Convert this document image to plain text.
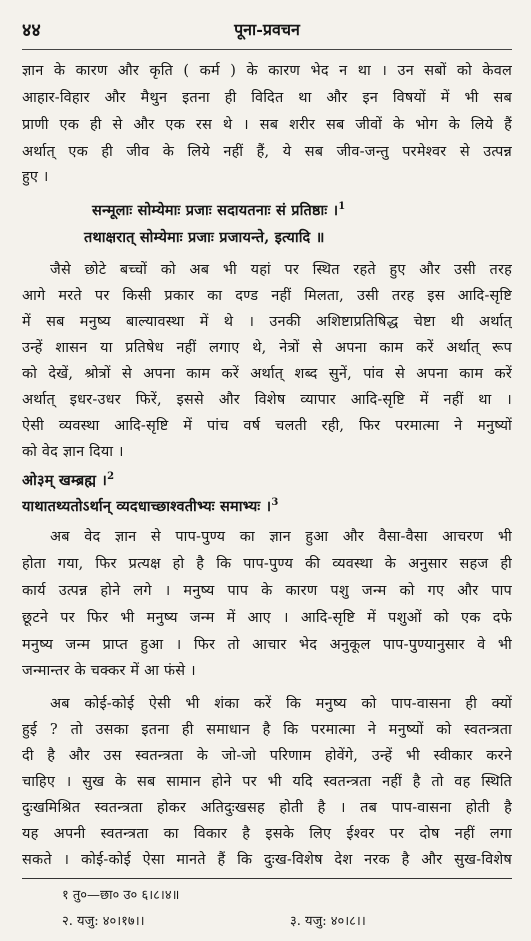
४४	पूना-प्रवचन
ज्ञान के कारण और कृति ( कर्म ) के कारण भेद न था । उन सबों को केवल
आहार-विहार और मैथुन इतना ही विदित था और इन विषयों में भी सब
प्राणी एक ही से और एक रस थे । सब शरीर सब जीवों के भोग के लिये हैं
अर्थात् एक ही जीव के लिये नहीं हैं, ये सब जीव-जन्तु परमेश्वर से उत्पन्न
हुए ।
सन्मूलाः सोम्येमाः प्रजाः सदायतनाः सं प्रतिष्ठाः ।$^1$
तथाक्षरात् सोम्येमाः प्रजाः प्रजायन्ते, इत्यादि ॥
जैसे छोटे बच्चों को अब भी यहां पर स्थित रहते हुए और उसी तरह
आगे मरते पर किसी प्रकार का दण्ड नहीं मिलता, उसी तरह इस आदि-सृष्टि
में सब मनुष्य बाल्यावस्था में थे । उनकी अशिष्टाप्रतिषिद्ध चेष्टा थी अर्थात्
उन्हें शासन या प्रतिषेध नहीं लगाए थे, नेत्रों से अपना काम करें अर्थात् रूप
को देखें, श्रोत्रों से अपना काम करें अर्थात् शब्द सुनें, पांव से अपना काम करें
अर्थात् इधर-उधर फिरें, इससे और विशेष व्यापार आदि-सृष्टि में नहीं था ।
ऐसी व्यवस्था आदि-सृष्टि में पांच वर्ष चलती रही, फिर परमात्मा ने मनुष्यों
को वेद ज्ञान दिया ।
ओ३म् खम्ब्रह्म ।$^2$
याथातथ्यतोऽर्थान् व्यदधाच्छाश्वतीभ्यः समाभ्यः ।$^3$
अब वेद ज्ञान से पाप-पुण्य का ज्ञान हुआ और वैसा-वैसा आचरण भी
होता गया, फिर प्रत्यक्ष हो है कि पाप-पुण्य की व्यवस्था के अनुसार सहज ही
कार्य उत्पन्न होने लगे । मनुष्य पाप के कारण पशु जन्म को गए और पाप
छूटने पर फिर भी मनुष्य जन्म में आए । आदि-सृष्टि में पशुओं को एक दफे
मनुष्य जन्म प्राप्त हुआ । फिर तो आचार भेद अनुकूल पाप-पुण्यानुसार वे भी
जन्मान्तर के चक्कर में आ फंसे ।
अब कोई-कोई ऐसी भी शंका करें कि मनुष्य को पाप-वासना ही क्यों
हुई ? तो उसका इतना ही समाधान है कि परमात्मा ने मनुष्यों को स्वतन्त्रता
दी है और उस स्वतन्त्रता के जो-जो परिणाम होवेंगे, उन्हें भी स्वीकार करने
चाहिए । सुख के सब सामान होने पर भी यदि स्वतन्त्रता नहीं है तो वह स्थिति
दुःखमिश्रित स्वतन्त्रता होकर अतिदुःखसह होती है । तब पाप-वासना होती है
यह अपनी स्वतन्त्रता का विकार है इसके लिए ईश्वर पर दोष नहीं लगा
सकते । कोई-कोई ऐसा मानते हैं कि दुःख-विशेष देश नरक है और सुख-विशेष
१ तु०—छा० उ० ६।८।४॥
२. यजु: ४०।१७।।	३. यजु: ४०।८।।
